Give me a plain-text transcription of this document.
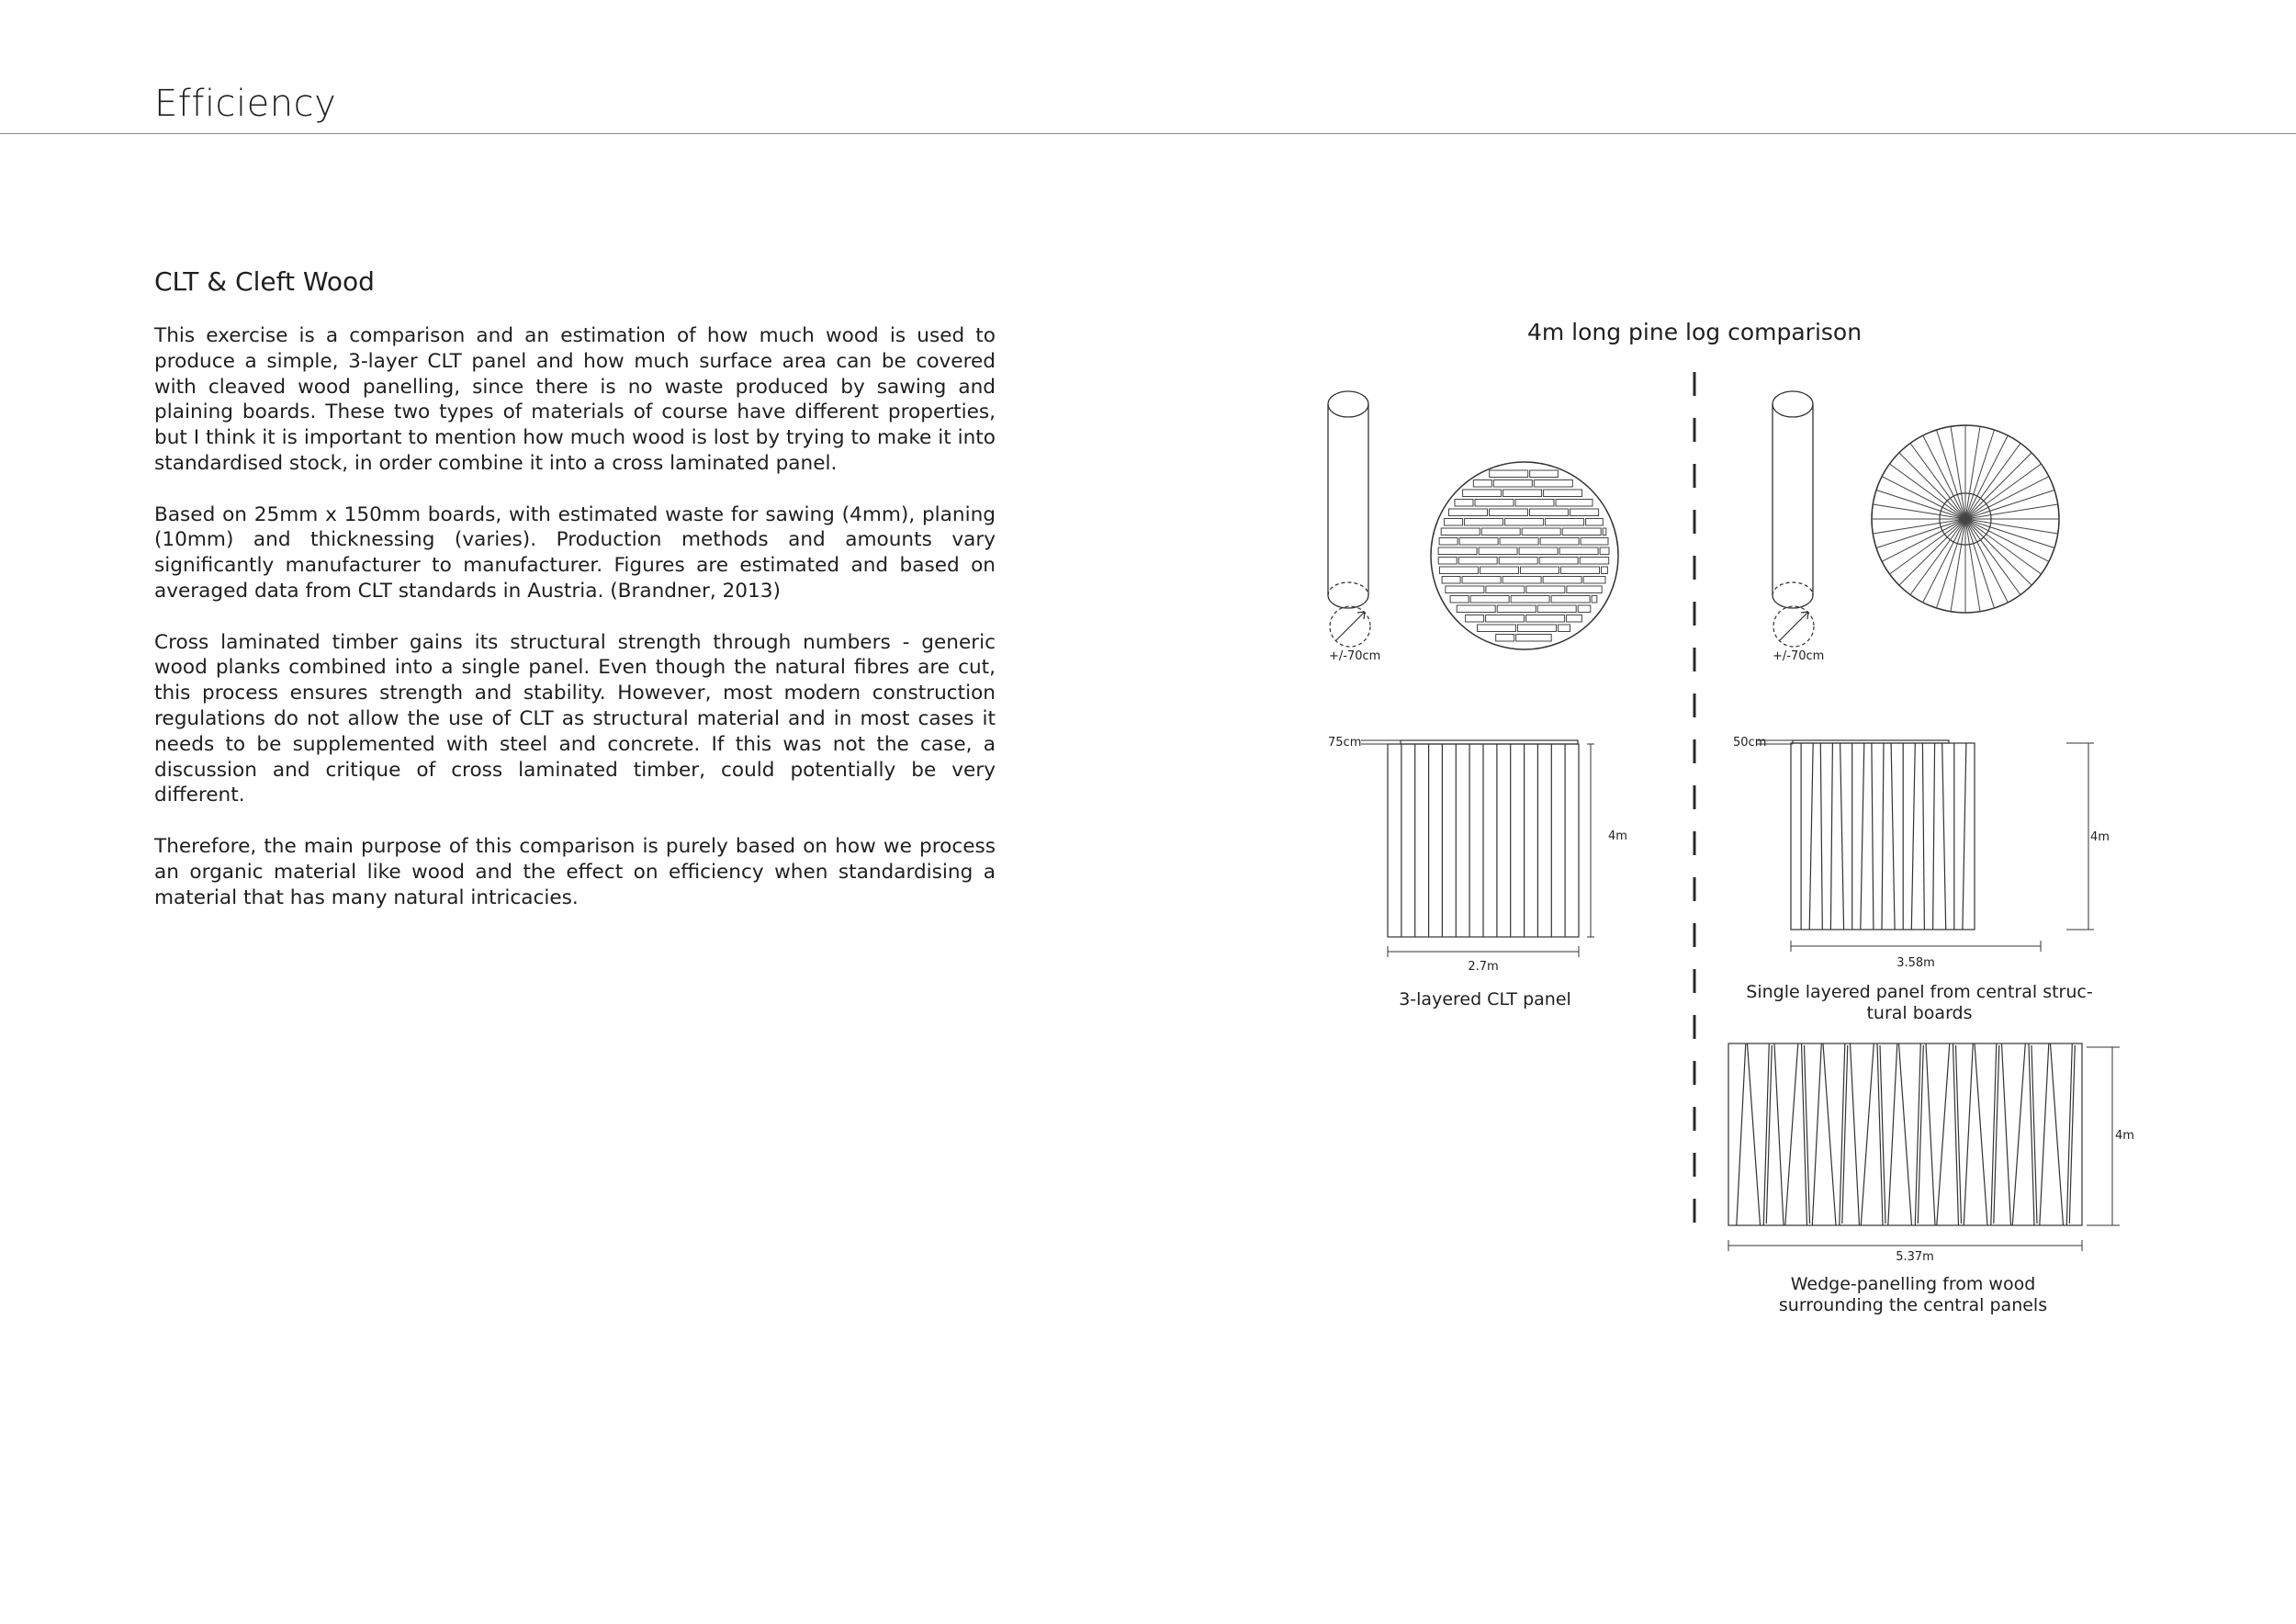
Efficiency
CLT & Cleft Wood

This exercise is a comparison and an estimation of how much wood is used to produce a simple, 3-layer CLT panel and how much surface area can be covered with cleaved wood panelling, since there is no waste produced by sawing and plaining boards. These two types of materials of course have different properties, but I think it is important to mention how much wood is lost by trying to make it into standardised stock, in order combine it into a cross laminated panel.

Based on 25mm x 150mm boards, with estimated waste for sawing (4mm), planing (10mm) and thicknessing (varies). Production methods and amounts vary significantly manufacturer to manufacturer. Figures are estimated and based on averaged data from CLT standards in Austria. (Brandner, 2013)

Cross laminated timber gains its structural strength through numbers - generic wood planks combined into a single panel. Even though the natural fibres are cut, this process ensures strength and stability. However, most modern construction regulations do not allow the use of CLT as structural material and in most cases it needs to be supplemented with steel and concrete. If this was not the case, a discussion and critique of cross laminated timber, could potentially be very different.

Therefore, the main purpose of this comparison is purely based on how we process an organic material like wood and the effect on efficiency when standardising a material that has many natural intricacies.

4m long pine log comparison
+/-70cm
75cm
4m
2.7m
3-layered CLT panel
+/-70cm
50cm
4m
3.58m
Single layered panel from central struc-
tural boards
4m
5.37m
Wedge-panelling from wood
surrounding the central panels
